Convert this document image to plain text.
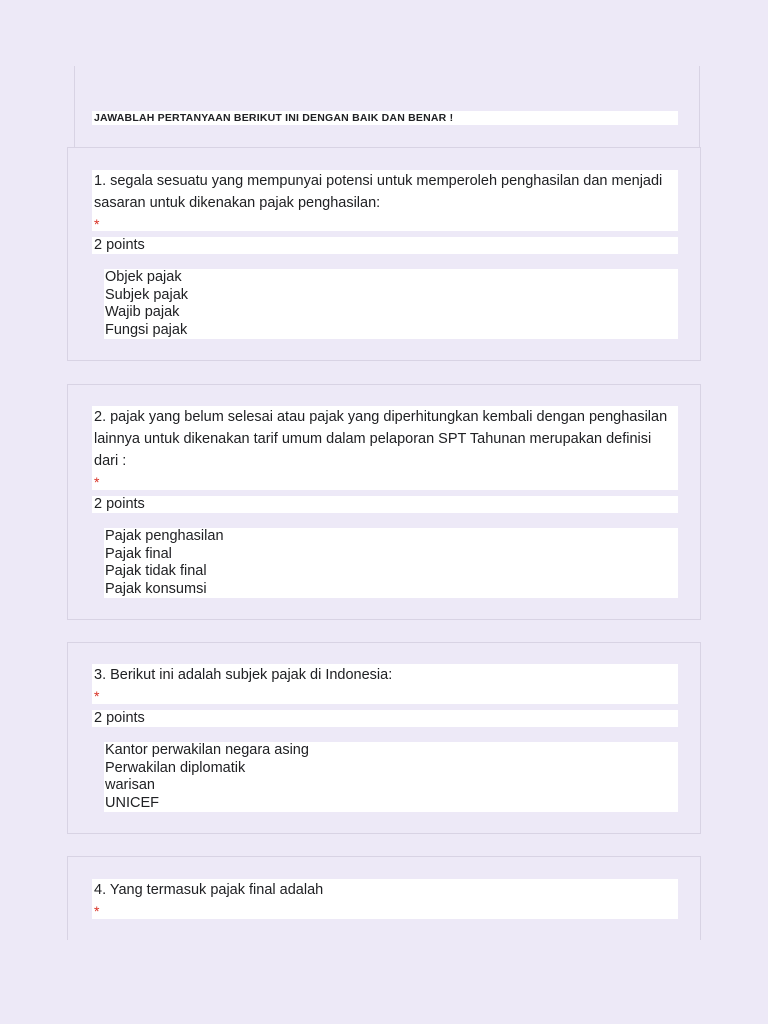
JAWABLAH PERTANYAAN BERIKUT INI DENGAN BAIK DAN BENAR !
1. segala sesuatu yang mempunyai potensi untuk memperoleh penghasilan dan menjadi sasaran untuk dikenakan pajak penghasilan:
*
2 points
Objek pajak
Subjek pajak
Wajib pajak
Fungsi pajak
2. pajak yang belum selesai atau pajak yang diperhitungkan kembali dengan penghasilan lainnya untuk dikenakan tarif umum dalam pelaporan SPT Tahunan merupakan definisi dari :
*
2 points
Pajak penghasilan
Pajak final
Pajak tidak final
Pajak konsumsi
3. Berikut ini adalah subjek pajak di Indonesia:
*
2 points
Kantor perwakilan negara asing
Perwakilan diplomatik
warisan
UNICEF
4. Yang termasuk pajak final adalah
*
